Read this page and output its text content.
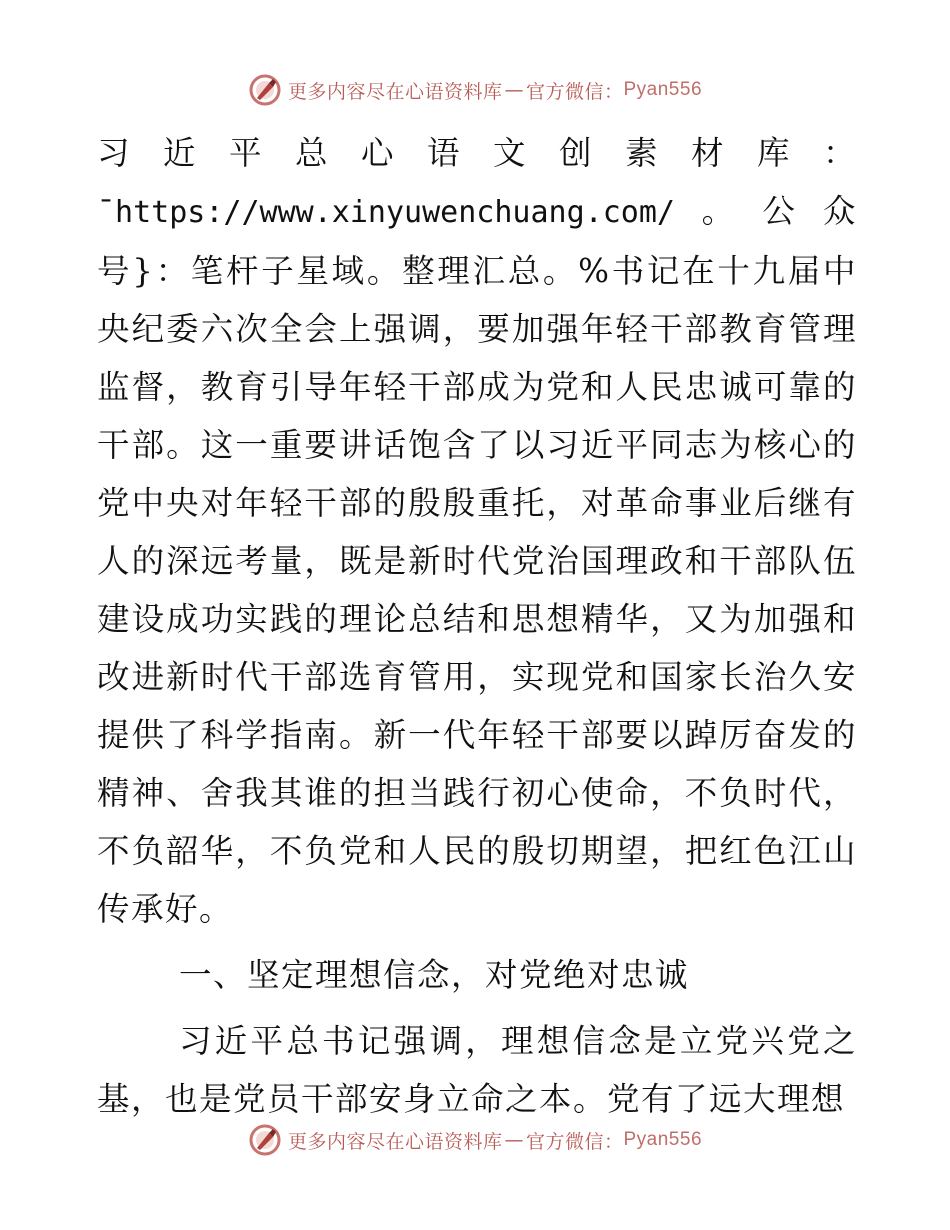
更多内容尽在心语资料库 — 官方微信： Pyan556

习近平总心语文创素材库：¯https://www.xinyuwenchuang.com/。公众号}：笔杆子星域。整理汇总。%书记在十九届中央纪委六次全会上强调，要加强年轻干部教育管理监督，教育引导年轻干部成为党和人民忠诚可靠的干部。这一重要讲话饱含了以习近平同志为核心的党中央对年轻干部的殷殷重托，对革命事业后继有人的深远考量，既是新时代党治国理政和干部队伍建设成功实践的理论总结和思想精华，又为加强和改进新时代干部选育管用，实现党和国家长治久安提供了科学指南。新一代年轻干部要以踔厉奋发的精神、舍我其谁的担当践行初心使命，不负时代，不负韶华，不负党和人民的殷切期望，把红色江山传承好。

一、坚定理想信念，对党绝对忠诚

习近平总书记强调，理想信念是立党兴党之基，也是党员干部安身立命之本。党有了远大理想

更多内容尽在心语资料库 — 官方微信： Pyan556
